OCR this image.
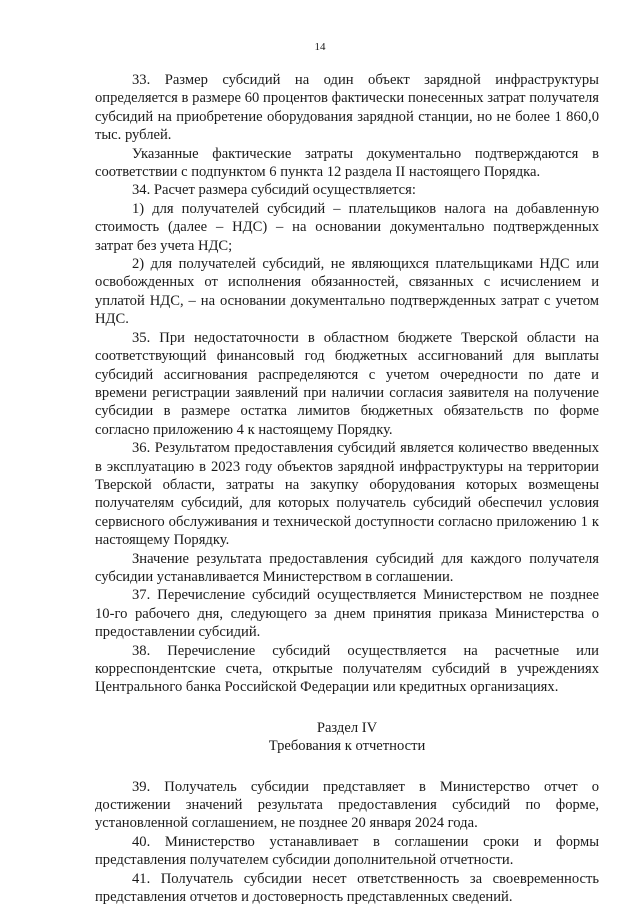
14

33. Размер субсидий на один объект зарядной инфраструктуры определяется в размере 60 процентов фактически понесенных затрат получателя субсидий на приобретение оборудования зарядной станции, но не более 1 860,0 тыс. рублей.

Указанные фактические затраты документально подтверждаются в соответствии с подпунктом 6 пункта 12 раздела II настоящего Порядка.

34. Расчет размера субсидий осуществляется:

1) для получателей субсидий – плательщиков налога на добавленную стоимость (далее – НДС) – на основании документально подтвержденных затрат без учета НДС;

2) для получателей субсидий, не являющихся плательщиками НДС или освобожденных от исполнения обязанностей, связанных с исчислением и уплатой НДС, – на основании документально подтвержденных затрат с учетом НДС.

35. При недостаточности в областном бюджете Тверской области на соответствующий финансовый год бюджетных ассигнований для выплаты субсидий ассигнования распределяются с учетом очередности по дате и времени регистрации заявлений при наличии согласия заявителя на получение субсидии в размере остатка лимитов бюджетных обязательств по форме согласно приложению 4 к настоящему Порядку.

36. Результатом предоставления субсидий является количество введенных в эксплуатацию в 2023 году объектов зарядной инфраструктуры на территории Тверской области, затраты на закупку оборудования которых возмещены получателям субсидий, для которых получатель субсидий обеспечил условия сервисного обслуживания и технической доступности согласно приложению 1 к настоящему Порядку.

Значение результата предоставления субсидий для каждого получателя субсидии устанавливается Министерством в соглашении.

37. Перечисление субсидий осуществляется Министерством не позднее 10-го рабочего дня, следующего за днем принятия приказа Министерства о предоставлении субсидий.

38. Перечисление субсидий осуществляется на расчетные или корреспондентские счета, открытые получателям субсидий в учреждениях Центрального банка Российской Федерации или кредитных организациях.

Раздел IV

Требования к отчетности

39. Получатель субсидии представляет в Министерство отчет о достижении значений результата предоставления субсидий по форме, установленной соглашением, не позднее 20 января 2024 года.

40. Министерство устанавливает в соглашении сроки и формы представления получателем субсидии дополнительной отчетности.

41. Получатель субсидии несет ответственность за своевременность представления отчетов и достоверность представленных сведений.
